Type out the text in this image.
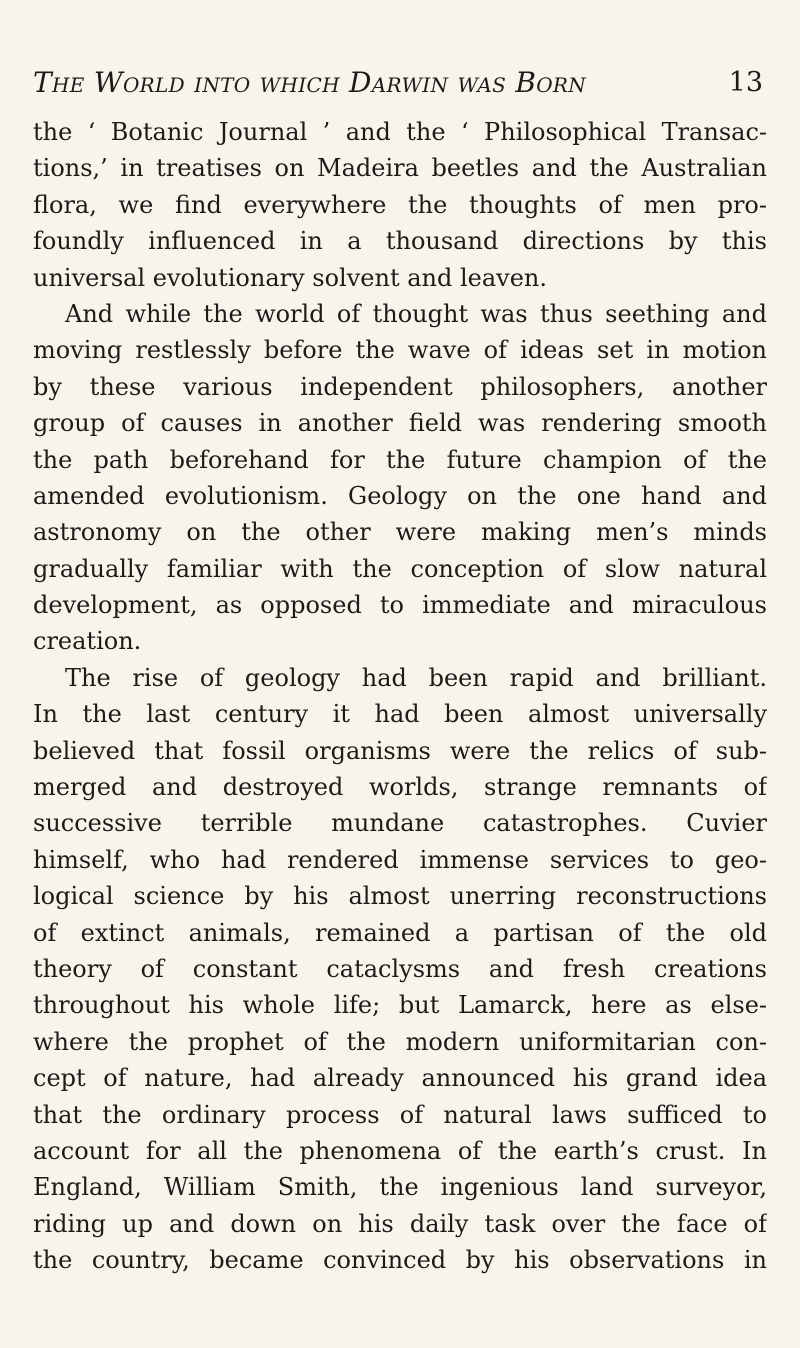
THE WORLD INTO WHICH DARWIN WAS BORN	13
the ‘ Botanic Journal ’ and the ‘ Philosophical Transac-
tions,’ in treatises on Madeira beetles and the Australian
flora, we find everywhere the thoughts of men pro-
foundly influenced in a thousand directions by this
universal evolutionary solvent and leaven.
And while the world of thought was thus seething and
moving restlessly before the wave of ideas set in motion
by these various independent philosophers, another
group of causes in another field was rendering smooth
the path beforehand for the future champion of the
amended evolutionism. Geology on the one hand and
astronomy on the other were making men’s minds
gradually familiar with the conception of slow natural
development, as opposed to immediate and miraculous
creation.
The rise of geology had been rapid and brilliant.
In the last century it had been almost universally
believed that fossil organisms were the relics of sub-
merged and destroyed worlds, strange remnants of
successive terrible mundane catastrophes. Cuvier
himself, who had rendered immense services to geo-
logical science by his almost unerring reconstructions
of extinct animals, remained a partisan of the old
theory of constant cataclysms and fresh creations
throughout his whole life; but Lamarck, here as else-
where the prophet of the modern uniformitarian con-
cept of nature, had already announced his grand idea
that the ordinary process of natural laws sufficed to
account for all the phenomena of the earth’s crust. In
England, William Smith, the ingenious land surveyor,
riding up and down on his daily task over the face of
the country, became convinced by his observations in
